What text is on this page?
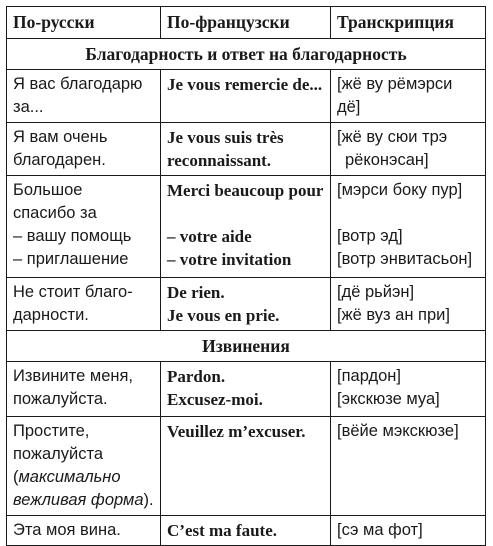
По-русски	По-французски	Транскрипция
Благодарность и ответ на благодарность		

Я вас благодарю
за...	Je vous remercie de...	[жё ву рёмэрси
дё]

Я вам очень
благодарен.	Je vous suis très
reconnaissant.	[жё ву сюи трэ
рёконэсан]

Большое
спасибо за
– вашу помощь
– приглашение	Merci beaucoup pour
– votre aide
– votre invitation	[мэрси боку пур]
[вотр эд]
[вотр энвитасьон]

Не стоит благо-
дарности.	De rien.
Je vous en prie.	[дё рьйэн]
[жё вуз ан при]

Извинения		

Извините меня,
пожалуйста.	Pardon.
Excusez-moi.	[пардон]
[экскюзе муа]

Простите,
пожалуйста
(максимально
вежливая форма).	Veuillez m’excuser.	[вёйе мэкскюзе]

Эта моя вина.	C’est ma faute.	[сэ ма фот]
